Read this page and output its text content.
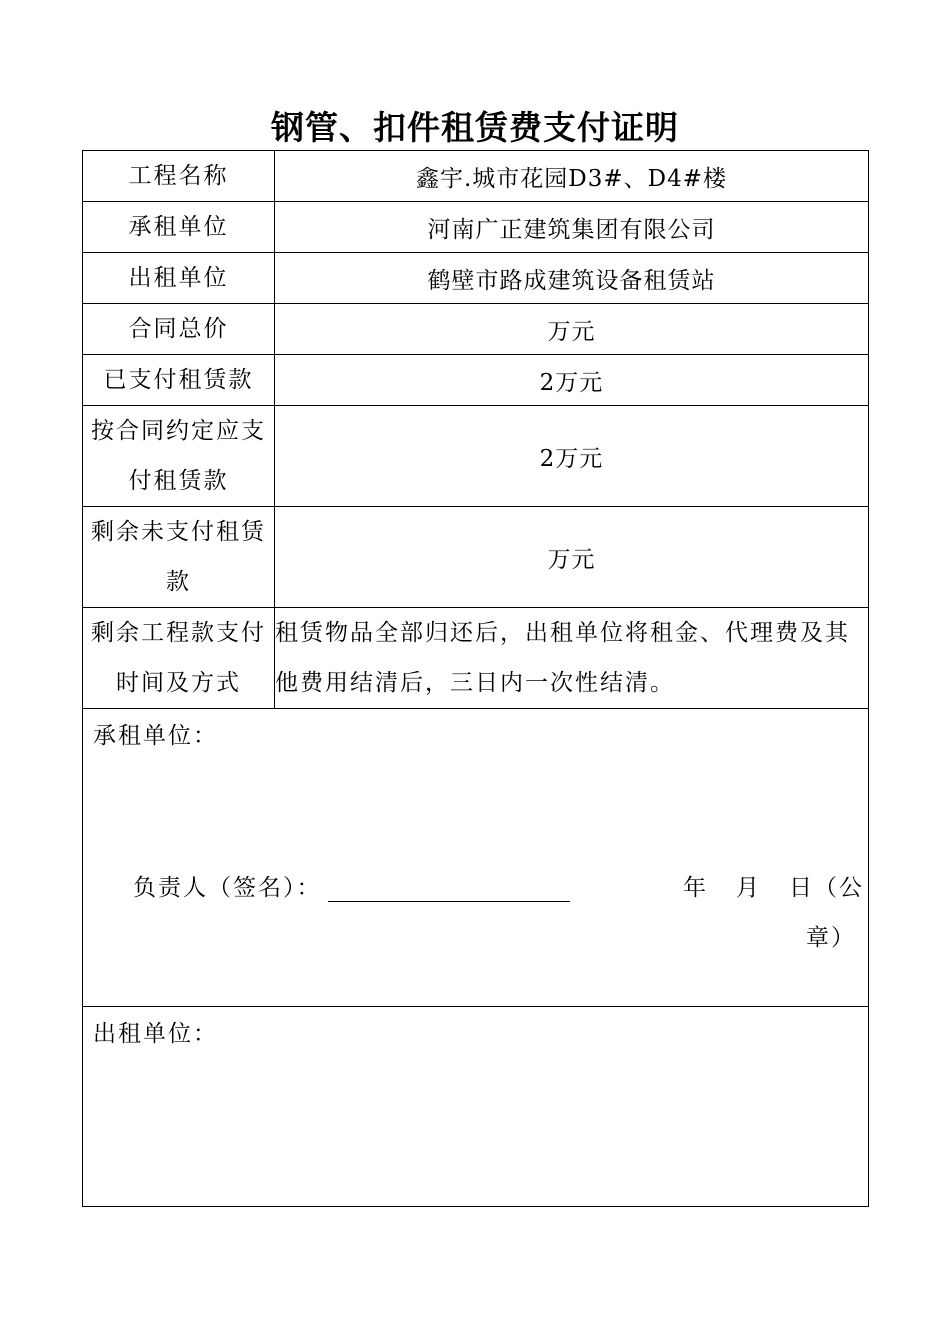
钢管、扣件租赁费支付证明
工程名称	鑫宇.城市花园D3#、D4#楼
承租单位	河南广正建筑集团有限公司
出租单位	鹤壁市路成建筑设备租赁站
合同总价	万元
已支付租赁款	2万元
按合同约定应支付租赁款	2万元
剩余未支付租赁款	万元
剩余工程款支付时间及方式	租赁物品全部归还后，出租单位将租金、代理费及其他费用结清后，三日内一次性结清。

承租单位：
负责人（签名）： 年 月 日（公
章）	

出租单位：	
